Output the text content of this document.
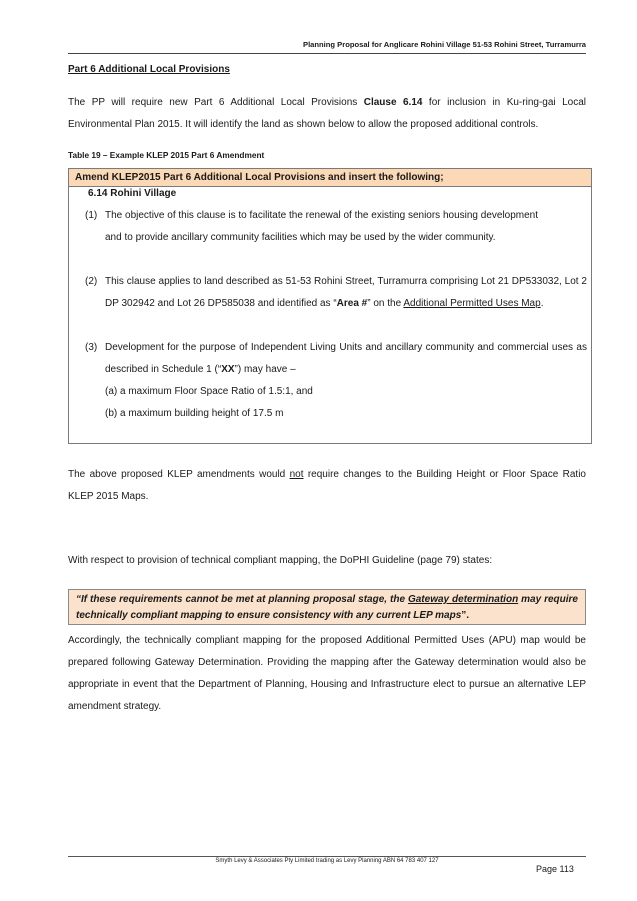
Planning Proposal for Anglicare Rohini Village 51-53 Rohini Street, Turramurra
Part 6 Additional Local Provisions
The PP will require new Part 6 Additional Local Provisions Clause 6.14 for inclusion in Ku-ring-gai Local Environmental Plan 2015. It will identify the land as shown below to allow the proposed additional controls.
Table 19 – Example KLEP 2015 Part 6 Amendment
Amend KLEP2015 Part 6 Additional Local Provisions and insert the following;
6.14 Rohini Village
(1) The objective of this clause is to facilitate the renewal of the existing seniors housing development
and to provide ancillary community facilities which may be used by the wider community.
(2) This clause applies to land described as 51-53 Rohini Street, Turramurra comprising Lot 21 DP533032, Lot 2 DP 302942 and Lot 26 DP585038 and identified as “Area #” on the Additional Permitted Uses Map.
(3) Development for the purpose of Independent Living Units and ancillary community and commercial uses as described in Schedule 1 (“XX”) may have –
(a) a maximum Floor Space Ratio of 1.5:1, and
(b) a maximum building height of 17.5 m
The above proposed KLEP amendments would not require changes to the Building Height or Floor Space Ratio KLEP 2015 Maps.
With respect to provision of technical compliant mapping, the DoPHI Guideline (page 79) states:
“If these requirements cannot be met at planning proposal stage, the Gateway determination may require technically compliant mapping to ensure consistency with any current LEP maps”.
Accordingly, the technically compliant mapping for the proposed Additional Permitted Uses (APU) map would be prepared following Gateway Determination. Providing the mapping after the Gateway determination would also be appropriate in event that the Department of Planning, Housing and Infrastructure elect to pursue an alternative LEP amendment strategy.
Smyth Levy & Associates Pty Limited trading as Levy Planning ABN 64 783 407 127
Page 113
